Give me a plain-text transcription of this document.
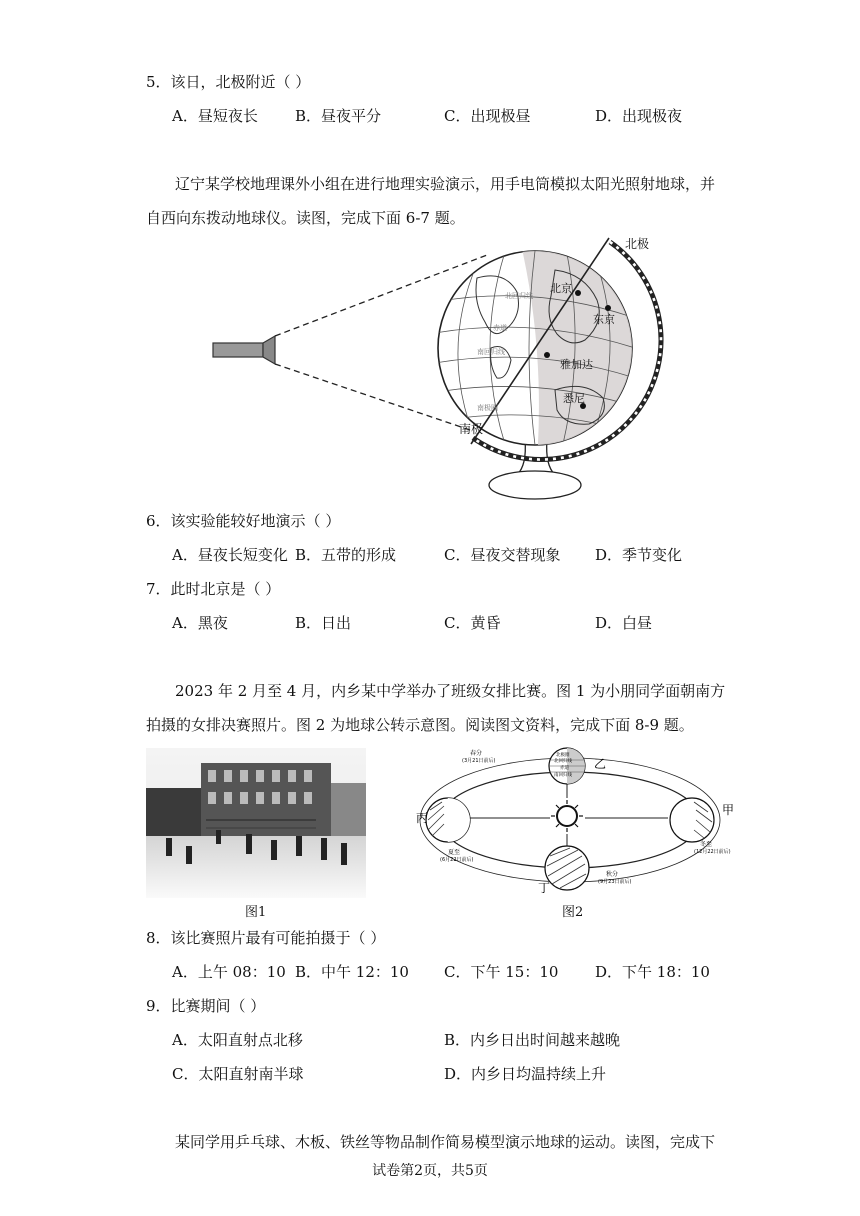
5．该日，北极附近（ ）
A．昼短夜长 B．昼夜平分	C．出现极昼	D．出现极夜
辽宁某学校地理课外小组在进行地理实验演示，用手电筒模拟太阳光照射地球，并
自西向东拨动地球仪。读图，完成下面 6-7 题。
北极
南极
北回归线
赤道
南回归线
南极圈
北京
东京
雅加达
悉尼
6．该实验能较好地演示（ ）
A．昼夜长短变化 B．五带的形成	C．昼夜交替现象 D．季节变化
7．此时北京是（ ）
A．黑夜	B．日出	C．黄昏	D．白昼
2023 年 2 月至 4 月，内乡某中学举办了班级女排比赛。图 1 为小朋同学面朝南方
拍摄的女排决赛照片。图 2 为地球公转示意图。阅读图文资料，完成下面 8-9 题。
图1
甲
乙
丙
丁
春分
(3月21日前后)
冬至
(12月22日前后)
夏至
(6月22日前后)
秋分
(9月23日前后)
北极圈
北回归线
赤道
南回归线
图2
8．该比赛照片最有可能拍摄于（ ）
A．上午 08：10 B．中午 12：10 C．下午 15：10 D．下午 18：10
9．比赛期间（ ）
A．太阳直射点北移	B．内乡日出时间越来越晚
C．太阳直射南半球	D．内乡日均温持续上升
某同学用乒乓球、木板、铁丝等物品制作简易模型演示地球的运动。读图，完成下
试卷第2页，共5页
